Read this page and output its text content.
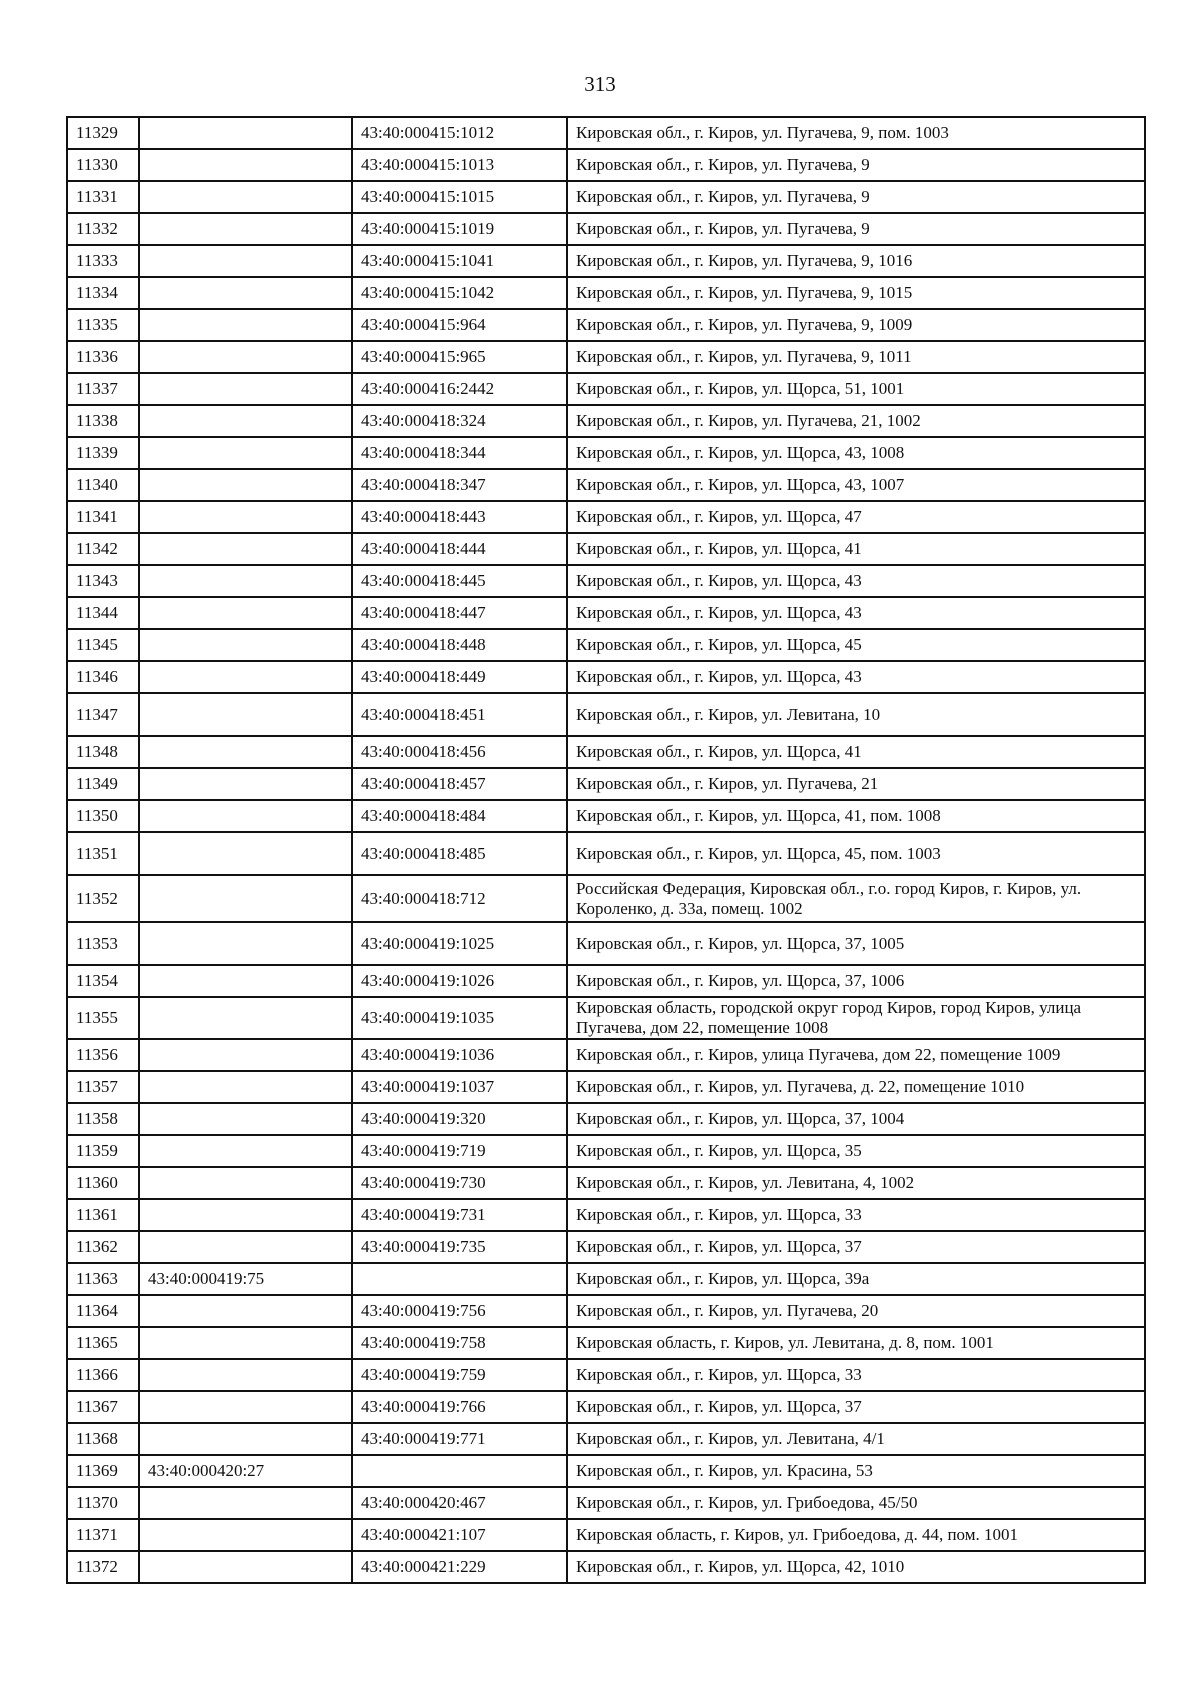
313
11329		43:40:000415:1012	Кировская обл., г. Киров, ул. Пугачева, 9, пом. 1003
11330		43:40:000415:1013	Кировская обл., г. Киров, ул. Пугачева, 9
11331		43:40:000415:1015	Кировская обл., г. Киров, ул. Пугачева, 9
11332		43:40:000415:1019	Кировская обл., г. Киров, ул. Пугачева, 9
11333		43:40:000415:1041	Кировская обл., г. Киров, ул. Пугачева, 9, 1016
11334		43:40:000415:1042	Кировская обл., г. Киров, ул. Пугачева, 9, 1015
11335		43:40:000415:964	Кировская обл., г. Киров, ул. Пугачева, 9, 1009
11336		43:40:000415:965	Кировская обл., г. Киров, ул. Пугачева, 9, 1011
11337		43:40:000416:2442	Кировская обл., г. Киров, ул. Щорса, 51, 1001
11338		43:40:000418:324	Кировская обл., г. Киров, ул. Пугачева, 21, 1002
11339		43:40:000418:344	Кировская обл., г. Киров, ул. Щорса, 43, 1008
11340		43:40:000418:347	Кировская обл., г. Киров, ул. Щорса, 43, 1007
11341		43:40:000418:443	Кировская обл., г. Киров, ул. Щорса, 47
11342		43:40:000418:444	Кировская обл., г. Киров, ул. Щорса, 41
11343		43:40:000418:445	Кировская обл., г. Киров, ул. Щорса, 43
11344		43:40:000418:447	Кировская обл., г. Киров, ул. Щорса, 43
11345		43:40:000418:448	Кировская обл., г. Киров, ул. Щорса, 45
11346		43:40:000418:449	Кировская обл., г. Киров, ул. Щорса, 43
11347		43:40:000418:451	Кировская обл., г. Киров, ул. Левитана, 10
11348		43:40:000418:456	Кировская обл., г. Киров, ул. Щорса, 41
11349		43:40:000418:457	Кировская обл., г. Киров, ул. Пугачева, 21
11350		43:40:000418:484	Кировская обл., г. Киров, ул. Щорса, 41, пом. 1008
11351		43:40:000418:485	Кировская обл., г. Киров, ул. Щорса, 45, пом. 1003
11352		43:40:000418:712	Российская Федерация, Кировская обл., г.о. город Киров, г. Киров, ул. Короленко, д. 33а, помещ. 1002
11353		43:40:000419:1025	Кировская обл., г. Киров, ул. Щорса, 37, 1005
11354		43:40:000419:1026	Кировская обл., г. Киров, ул. Щорса, 37, 1006
11355		43:40:000419:1035	Кировская область, городской округ город Киров, город Киров, улица Пугачева, дом 22, помещение 1008
11356		43:40:000419:1036	Кировская обл., г. Киров, улица Пугачева, дом 22, помещение 1009
11357		43:40:000419:1037	Кировская обл., г. Киров, ул. Пугачева, д. 22, помещение 1010
11358		43:40:000419:320	Кировская обл., г. Киров, ул. Щорса, 37, 1004
11359		43:40:000419:719	Кировская обл., г. Киров, ул. Щорса, 35
11360		43:40:000419:730	Кировская обл., г. Киров, ул. Левитана, 4, 1002
11361		43:40:000419:731	Кировская обл., г. Киров, ул. Щорса, 33
11362		43:40:000419:735	Кировская обл., г. Киров, ул. Щорса, 37
11363	43:40:000419:75		Кировская обл., г. Киров, ул. Щорса, 39а
11364		43:40:000419:756	Кировская обл., г. Киров, ул. Пугачева, 20
11365		43:40:000419:758	Кировская область, г. Киров, ул. Левитана, д. 8, пом. 1001
11366		43:40:000419:759	Кировская обл., г. Киров, ул. Щорса, 33
11367		43:40:000419:766	Кировская обл., г. Киров, ул. Щорса, 37
11368		43:40:000419:771	Кировская обл., г. Киров, ул. Левитана, 4/1
11369	43:40:000420:27		Кировская обл., г. Киров, ул. Красина, 53
11370		43:40:000420:467	Кировская обл., г. Киров, ул. Грибоедова, 45/50
11371		43:40:000421:107	Кировская область, г. Киров, ул. Грибоедова, д. 44, пом. 1001
11372		43:40:000421:229	Кировская обл., г. Киров, ул. Щорса, 42, 1010
